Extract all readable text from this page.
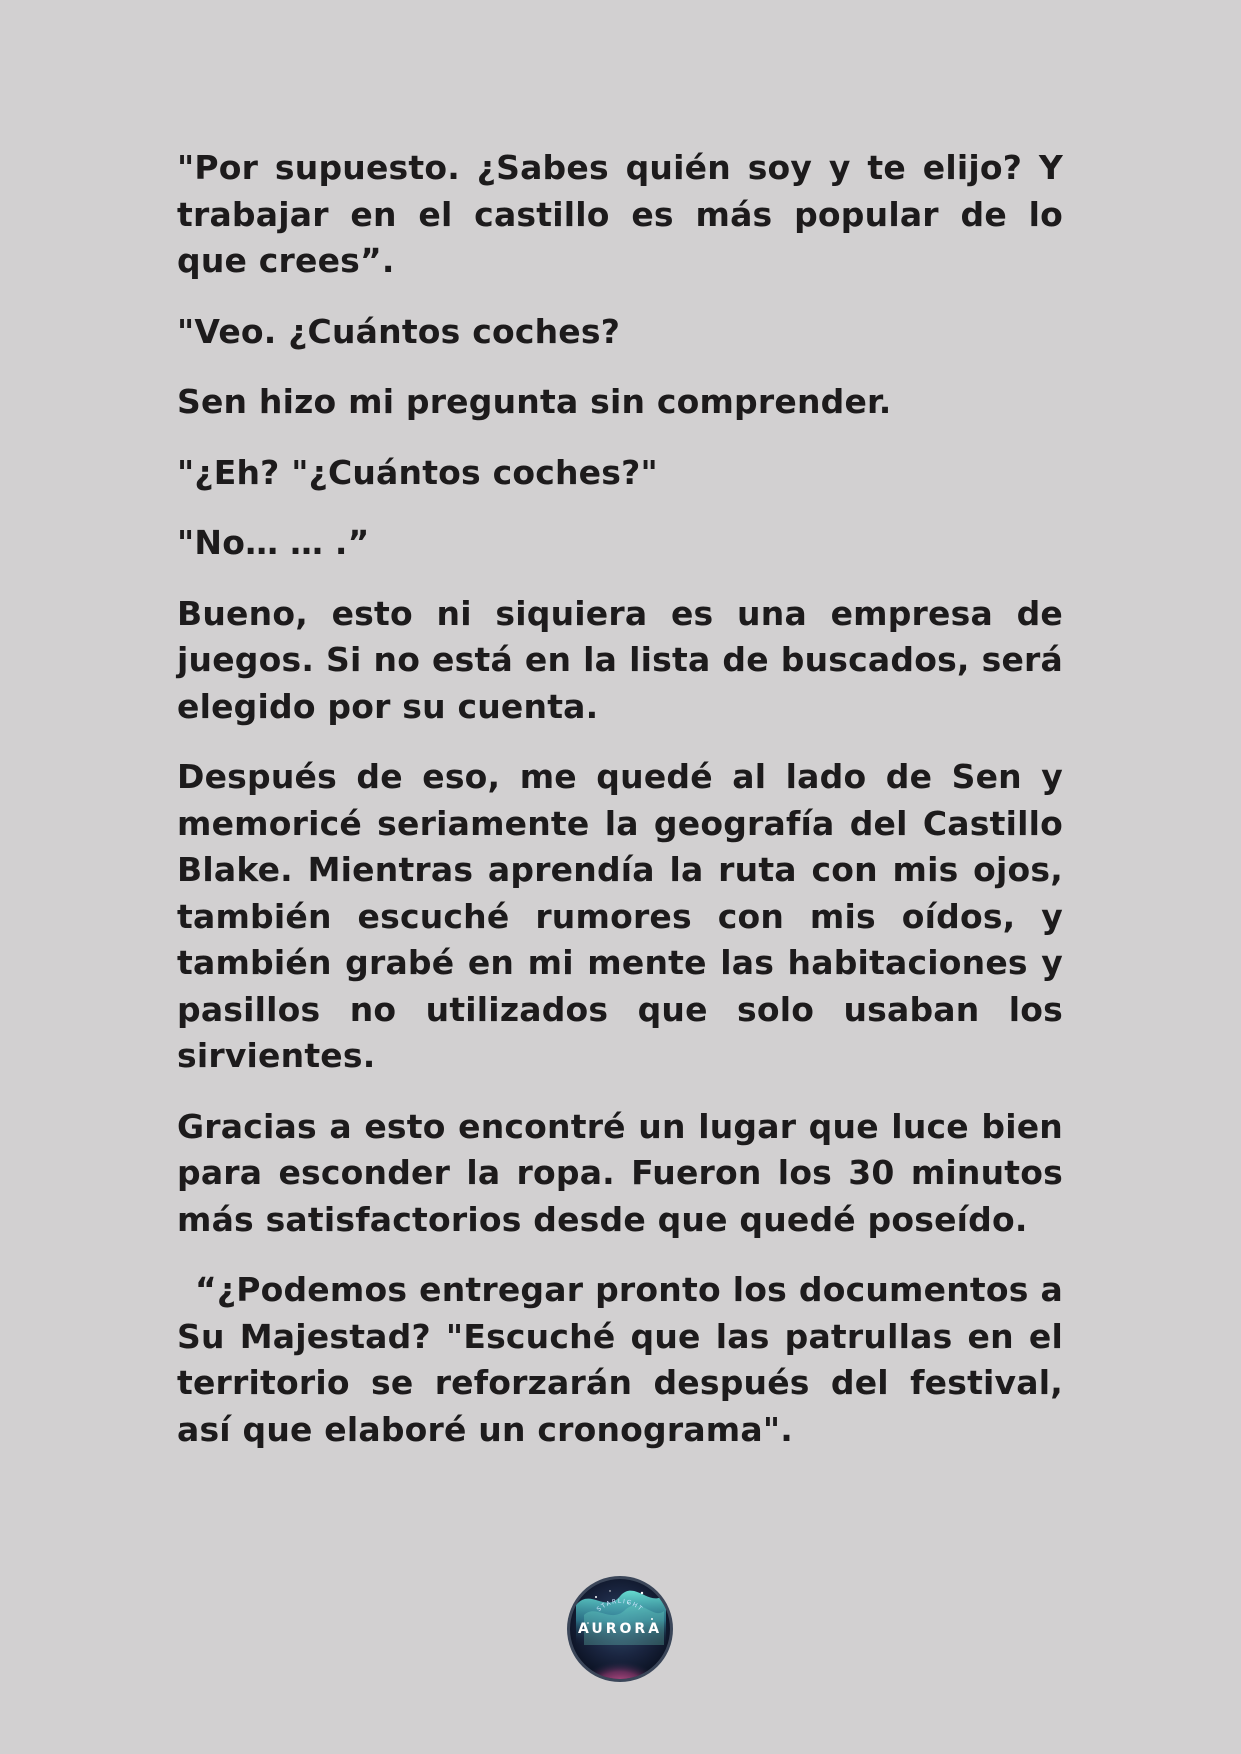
"Por supuesto. ¿Sabes quién soy y te elijo? Y trabajar en el castillo es más popular de lo que crees”.

"Veo. ¿Cuántos coches?

Sen hizo mi pregunta sin comprender.

"¿Eh? "¿Cuántos coches?"

"No… … .”

Bueno, esto ni siquiera es una empresa de juegos. Si no está en la lista de buscados, será elegido por su cuenta.

Después de eso, me quedé al lado de Sen y memoricé seriamente la geografía del Castillo Blake. Mientras aprendía la ruta con mis ojos, también escuché rumores con mis oídos, y también grabé en mi mente las habitaciones y pasillos no utilizados que solo usaban los sirvientes.

Gracias a esto encontré un lugar que luce bien para esconder la ropa. Fueron los 30 minutos más satisfactorios desde que quedé poseído.

“¿Podemos entregar pronto los documentos a Su Majestad? "Escuché que las patrullas en el territorio se reforzarán después del festival, así que elaboré un cronograma".

STARLIGHT
AURORA
